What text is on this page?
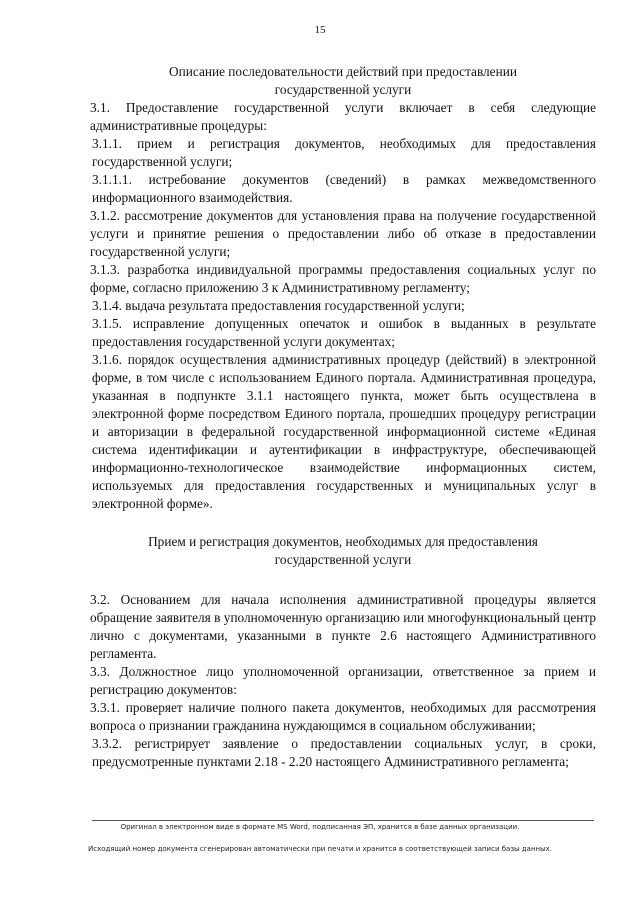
15

Описание последовательности действий при предоставлении

государственной услуги

3.1. Предоставление государственной услуги включает в себя следующие административные процедуры:

3.1.1. прием и регистрация документов, необходимых для предоставления государственной услуги;

3.1.1.1. истребование документов (сведений) в рамках межведомственного информационного взаимодействия.

3.1.2. рассмотрение документов для установления права на получение государственной услуги и принятие решения о предоставлении либо об отказе в предоставлении государственной услуги;

3.1.3. разработка индивидуальной программы предоставления социальных услуг по форме, согласно приложению 3 к Административному регламенту;

3.1.4. выдача результата предоставления государственной услуги;

3.1.5. исправление допущенных опечаток и ошибок в выданных в результате предоставления государственной услуги документах;

3.1.6. порядок осуществления административных процедур (действий) в электронной форме, в том числе с использованием Единого портала. Административная процедура, указанная в подпункте 3.1.1 настоящего пункта, может быть осуществлена в электронной форме посредством Единого портала, прошедших процедуру регистрации и авторизации в федеральной государственной информационной системе «Единая система идентификации и аутентификации в инфраструктуре, обеспечивающей информационно-технологическое взаимодействие информационных систем, используемых для предоставления государственных и муниципальных услуг в электронной форме».

Прием и регистрация документов, необходимых для предоставления

государственной услуги

3.2. Основанием для начала исполнения административной процедуры является обращение заявителя в уполномоченную организацию или многофункциональный центр лично с документами, указанными в пункте 2.6 настоящего Административного регламента.

3.3. Должностное лицо уполномоченной организации, ответственное за прием и регистрацию документов:

3.3.1. проверяет наличие полного пакета документов, необходимых для рассмотрения вопроса о признании гражданина нуждающимся в социальном обслуживании;

3.3.2. регистрирует заявление о предоставлении социальных услуг, в сроки, предусмотренные пунктами 2.18 - 2.20 настоящего Административного регламента;

Оригинал в электронном виде в формате MS Word, подписанная ЭП, хранится в базе данных организации.
Исходящий номер документа сгенерирован автоматически при печати и хранится в соответствующей записи базы данных.
